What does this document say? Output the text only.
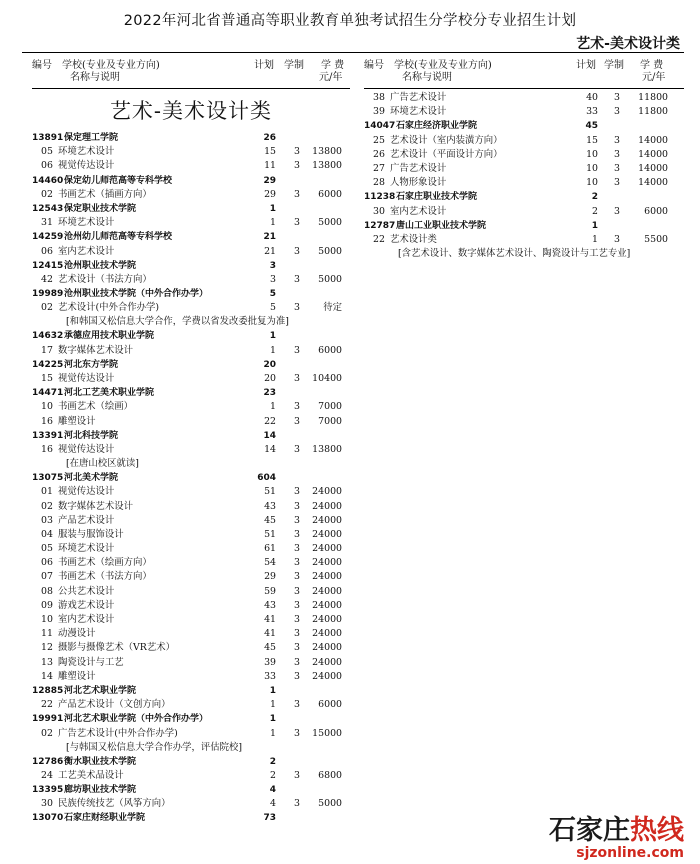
2022年河北省普通高等职业教育单独考试招生分学校分专业招生计划
艺术-美术设计类
编号 学校(专业及专业方向)
名称与说明
计划 学制 学 费
元/年
编号 学校(专业及专业方向)
名称与说明
计划 学制 学 费
元/年
艺术-美术设计类
13891 保定理工学院	26
05 环境艺术设计	15	3	13800
06 视觉传达设计	11	3	13800
14460 保定幼儿师范高等专科学校	29
02 书画艺术（插画方向）	29	3	6000
12543 保定职业技术学院	1
31 环境艺术设计	1	3	5000
14259 沧州幼儿师范高等专科学校	21
06 室内艺术设计	21	3	5000
12415 沧州职业技术学院	3
42 艺术设计（书法方向）	3	3	5000
19989 沧州职业技术学院（中外合作办学）	5
02 艺术设计(中外合作办学)	5	3	待定
[和韩国又松信息大学合作，学费以省发改委批复为准]
14632 承德应用技术职业学院	1
17 数字媒体艺术设计	1	3	6000
14225 河北东方学院	20
15 视觉传达设计	20	3	10400
14471 河北工艺美术职业学院	23
10 书画艺术（绘画）	1	3	7000
16 雕塑设计	22	3	7000
13391 河北科技学院	14
16 视觉传达设计	14	3	13800
[在唐山校区就读]
13075 河北美术学院	604
01 视觉传达设计	51	3	24000
02 数字媒体艺术设计	43	3	24000
03 产品艺术设计	45	3	24000
04 服装与服饰设计	51	3	24000
05 环境艺术设计	61	3	24000
06 书画艺术（绘画方向）	54	3	24000
07 书画艺术（书法方向）	29	3	24000
08 公共艺术设计	59	3	24000
09 游戏艺术设计	43	3	24000
10 室内艺术设计	41	3	24000
11 动漫设计	41	3	24000
12 摄影与摄像艺术（VR艺术）	45	3	24000
13 陶瓷设计与工艺	39	3	24000
14 雕塑设计	33	3	24000
12885 河北艺术职业学院	1
22 产品艺术设计（文创方向）	1	3	6000
19991 河北艺术职业学院（中外合作办学）	1
02 广告艺术设计(中外合作办学)	1	3	15000
[与韩国又松信息大学合作办学，评估院校]
12786 衡水职业技术学院	2
24 工艺美术品设计	2	3	6800
13395 廊坊职业技术学院	4
30 民族传统技艺（风筝方向）	4	3	5000
13070 石家庄财经职业学院	73
38 广告艺术设计	40	3	11800
39 环境艺术设计	33	3	11800
14047 石家庄经济职业学院	45
25 艺术设计（室内装潢方向）	15	3	14000
26 艺术设计（平面设计方向）	10	3	14000
27 广告艺术设计	10	3	14000
28 人物形象设计	10	3	14000
11238 石家庄职业技术学院	2
30 室内艺术设计	2	3	6000
12787 唐山工业职业技术学院	1
22 艺术设计类	1	3	5500
[含艺术设计、数字媒体艺术设计、陶瓷设计与工艺专业]
石家庄热线
sjzonline.com
